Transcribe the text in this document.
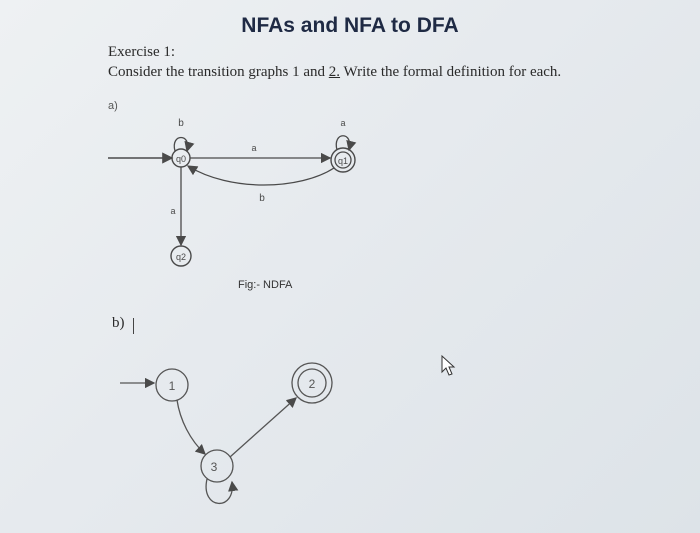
NFAs and NFA to DFA
Exercise 1:
Consider the transition graphs 1 and 2. Write the formal definition for each.
a)
q0
b
a
b
q1
a
a
q2
1	2
3
Fig:- NDFA
b)
